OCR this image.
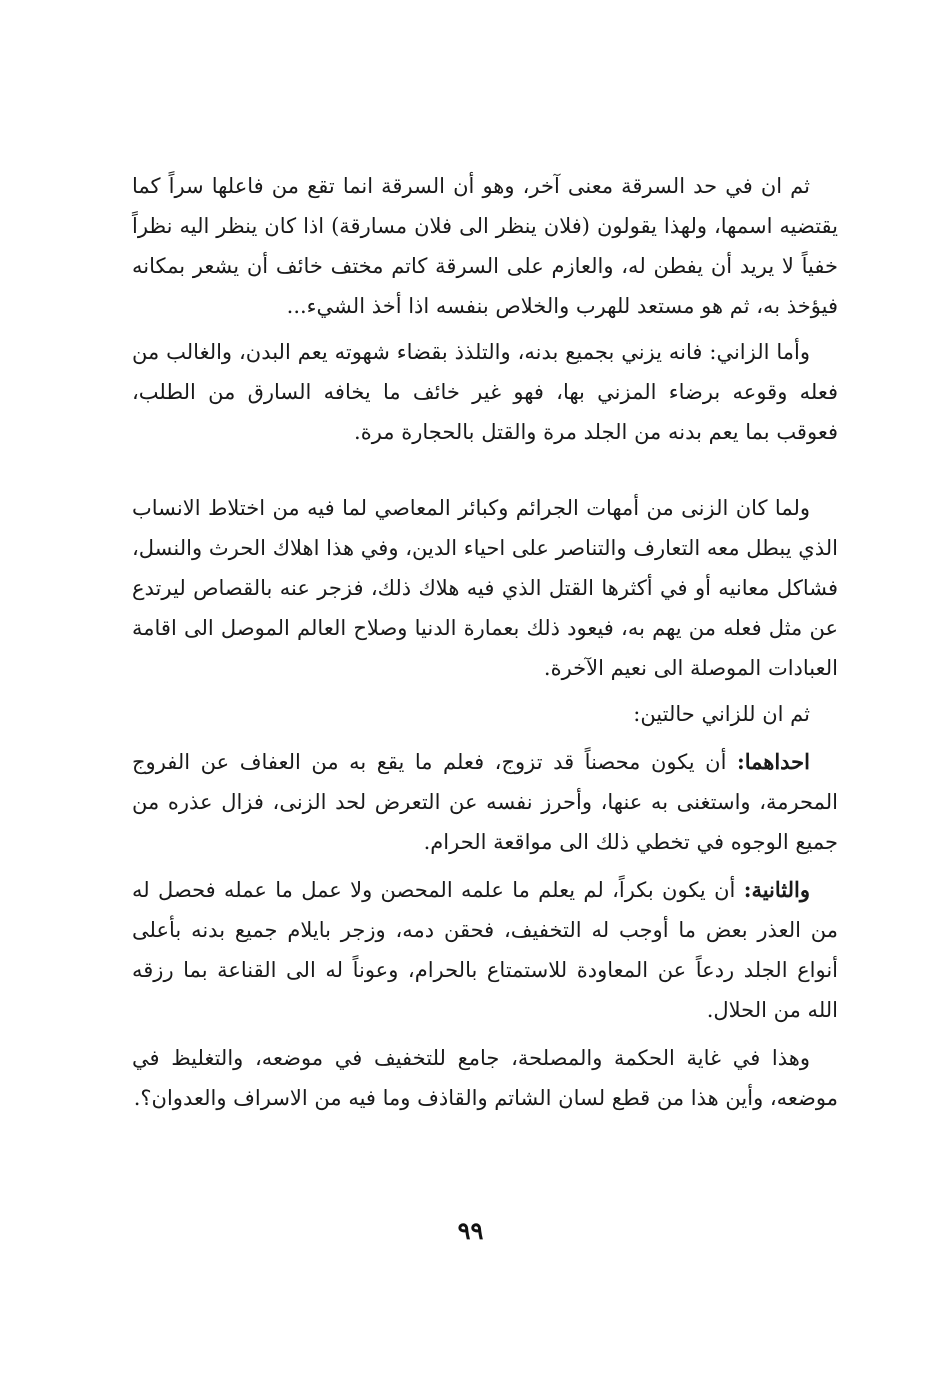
ثم ان في حد السرقة معنى آخر، وهو أن السرقة انما تقع من فاعلها سراً كما يقتضيه اسمها، ولهذا يقولون (فلان ينظر الى فلان مسارقة) اذا كان ينظر اليه نظراً خفياً لا يريد أن يفطن له، والعازم على السرقة كاتم مختف خائف أن يشعر بمكانه فيؤخذ به، ثم هو مستعد للهرب والخلاص بنفسه اذا أخذ الشيء...

وأما الزاني: فانه يزني بجميع بدنه، والتلذذ بقضاء شهوته يعم البدن، والغالب من فعله وقوعه برضاء المزني بها، فهو غير خائف ما يخافه السارق من الطلب، فعوقب بما يعم بدنه من الجلد مرة والقتل بالحجارة مرة.

ولما كان الزنى من أمهات الجرائم وكبائر المعاصي لما فيه من اختلاط الانساب الذي يبطل معه التعارف والتناصر على احياء الدين، وفي هذا اهلاك الحرث والنسل، فشاكل معانيه أو في أكثرها القتل الذي فيه هلاك ذلك، فزجر عنه بالقصاص ليرتدع عن مثل فعله من يهم به، فيعود ذلك بعمارة الدنيا وصلاح العالم الموصل الى اقامة العبادات الموصلة الى نعيم الآخرة.

ثم ان للزاني حالتين:

احداهما: أن يكون محصناً قد تزوج، فعلم ما يقع به من العفاف عن الفروج المحرمة، واستغنى به عنها، وأحرز نفسه عن التعرض لحد الزنى، فزال عذره من جميع الوجوه في تخطي ذلك الى مواقعة الحرام.

والثانية: أن يكون بكراً، لم يعلم ما علمه المحصن ولا عمل ما عمله فحصل له من العذر بعض ما أوجب له التخفيف، فحقن دمه، وزجر بايلام جميع بدنه بأعلى أنواع الجلد ردعاً عن المعاودة للاستمتاع بالحرام، وعوناً له الى القناعة بما رزقه الله من الحلال.

وهذا في غاية الحكمة والمصلحة، جامع للتخفيف في موضعه، والتغليظ في موضعه، وأين هذا من قطع لسان الشاتم والقاذف وما فيه من الاسراف والعدوان؟.

٩٩
